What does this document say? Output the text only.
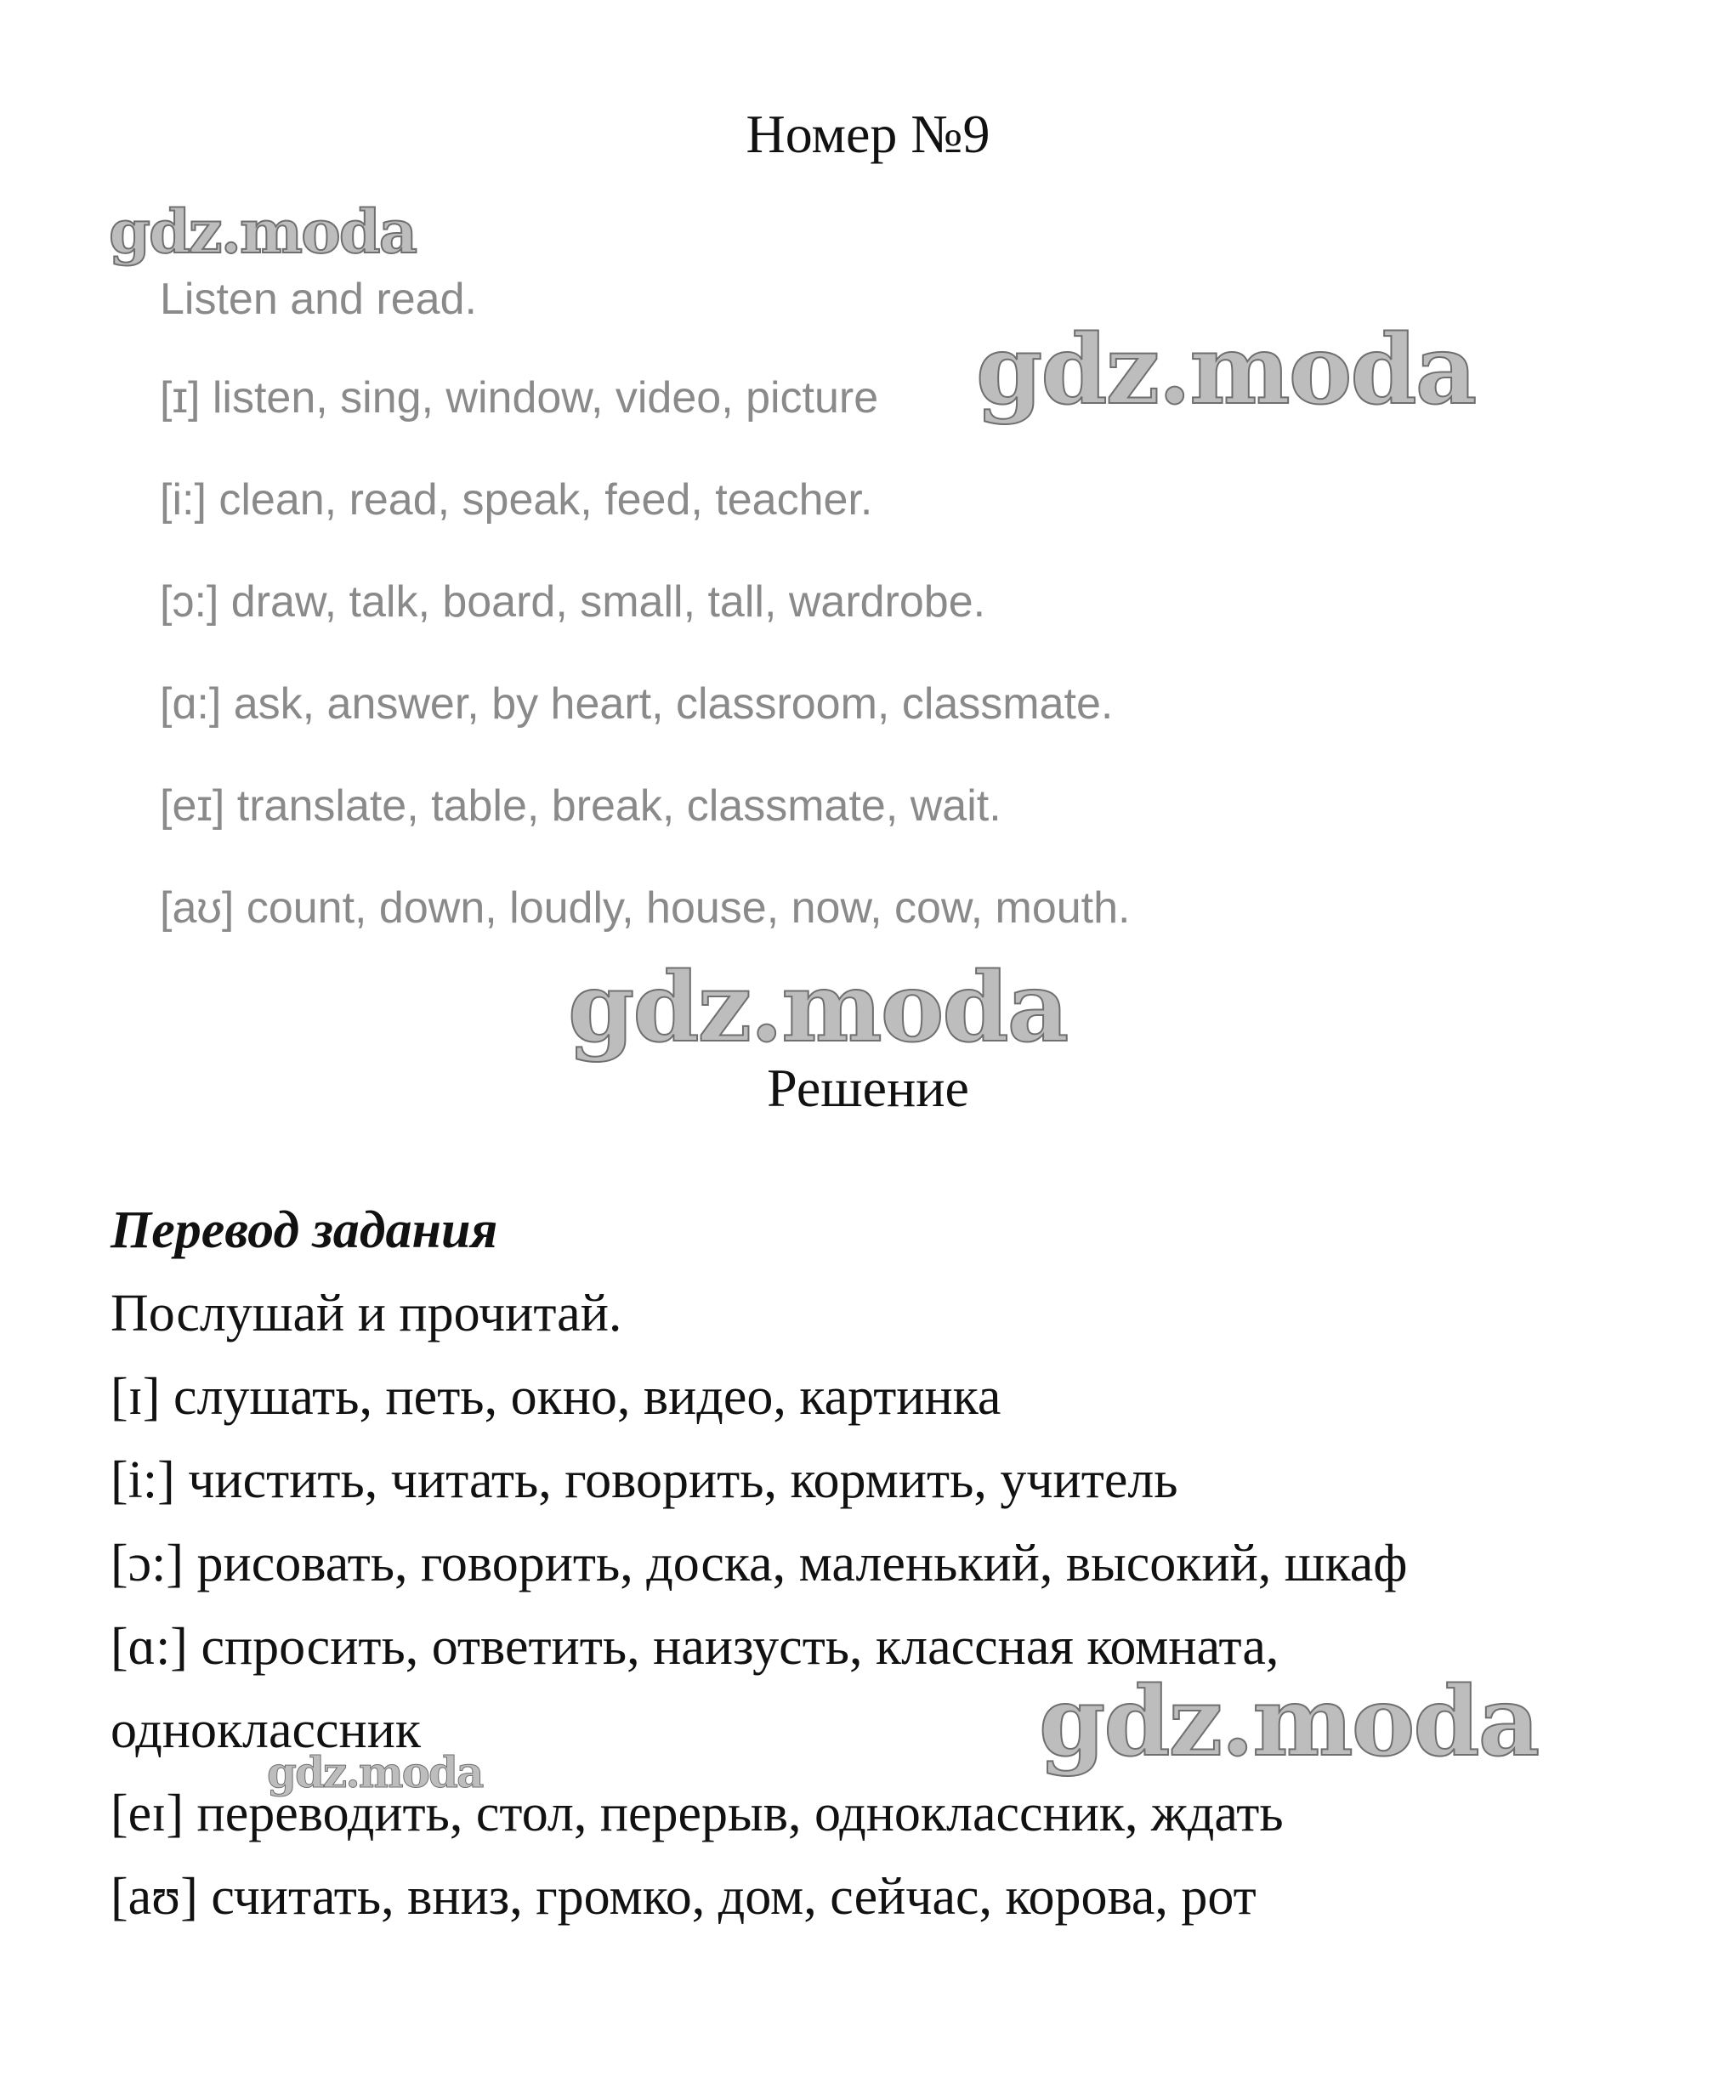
Номер №9
Listen and read.
[ɪ] listen, sing, window, video, picture
[i:] clean, read, speak, feed, teacher.
[ɔ:] draw, talk, board, small, tall, wardrobe.
[ɑ:] ask, answer, by heart, classroom, classmate.
[eɪ] translate, table, break, classmate, wait.
[aʊ] count, down, loudly, house, now, cow, mouth.
gdz.moda
gdz.moda
gdz.moda
Решение
Перевод задания
Послушай и прочитай.
[ɪ] слушать, петь, окно, видео, картинка
[i:] чистить, читать, говорить, кормить, учитель
[ɔ:] рисовать, говорить, доска, маленький, высокий, шкаф
[ɑ:] спросить, ответить, наизусть, классная комната,
одноклассник
[eɪ] переводить, стол, перерыв, одноклассник, ждать
[aʊ] считать, вниз, громко, дом, сейчас, корова, рот
gdz.moda
gdz.moda
